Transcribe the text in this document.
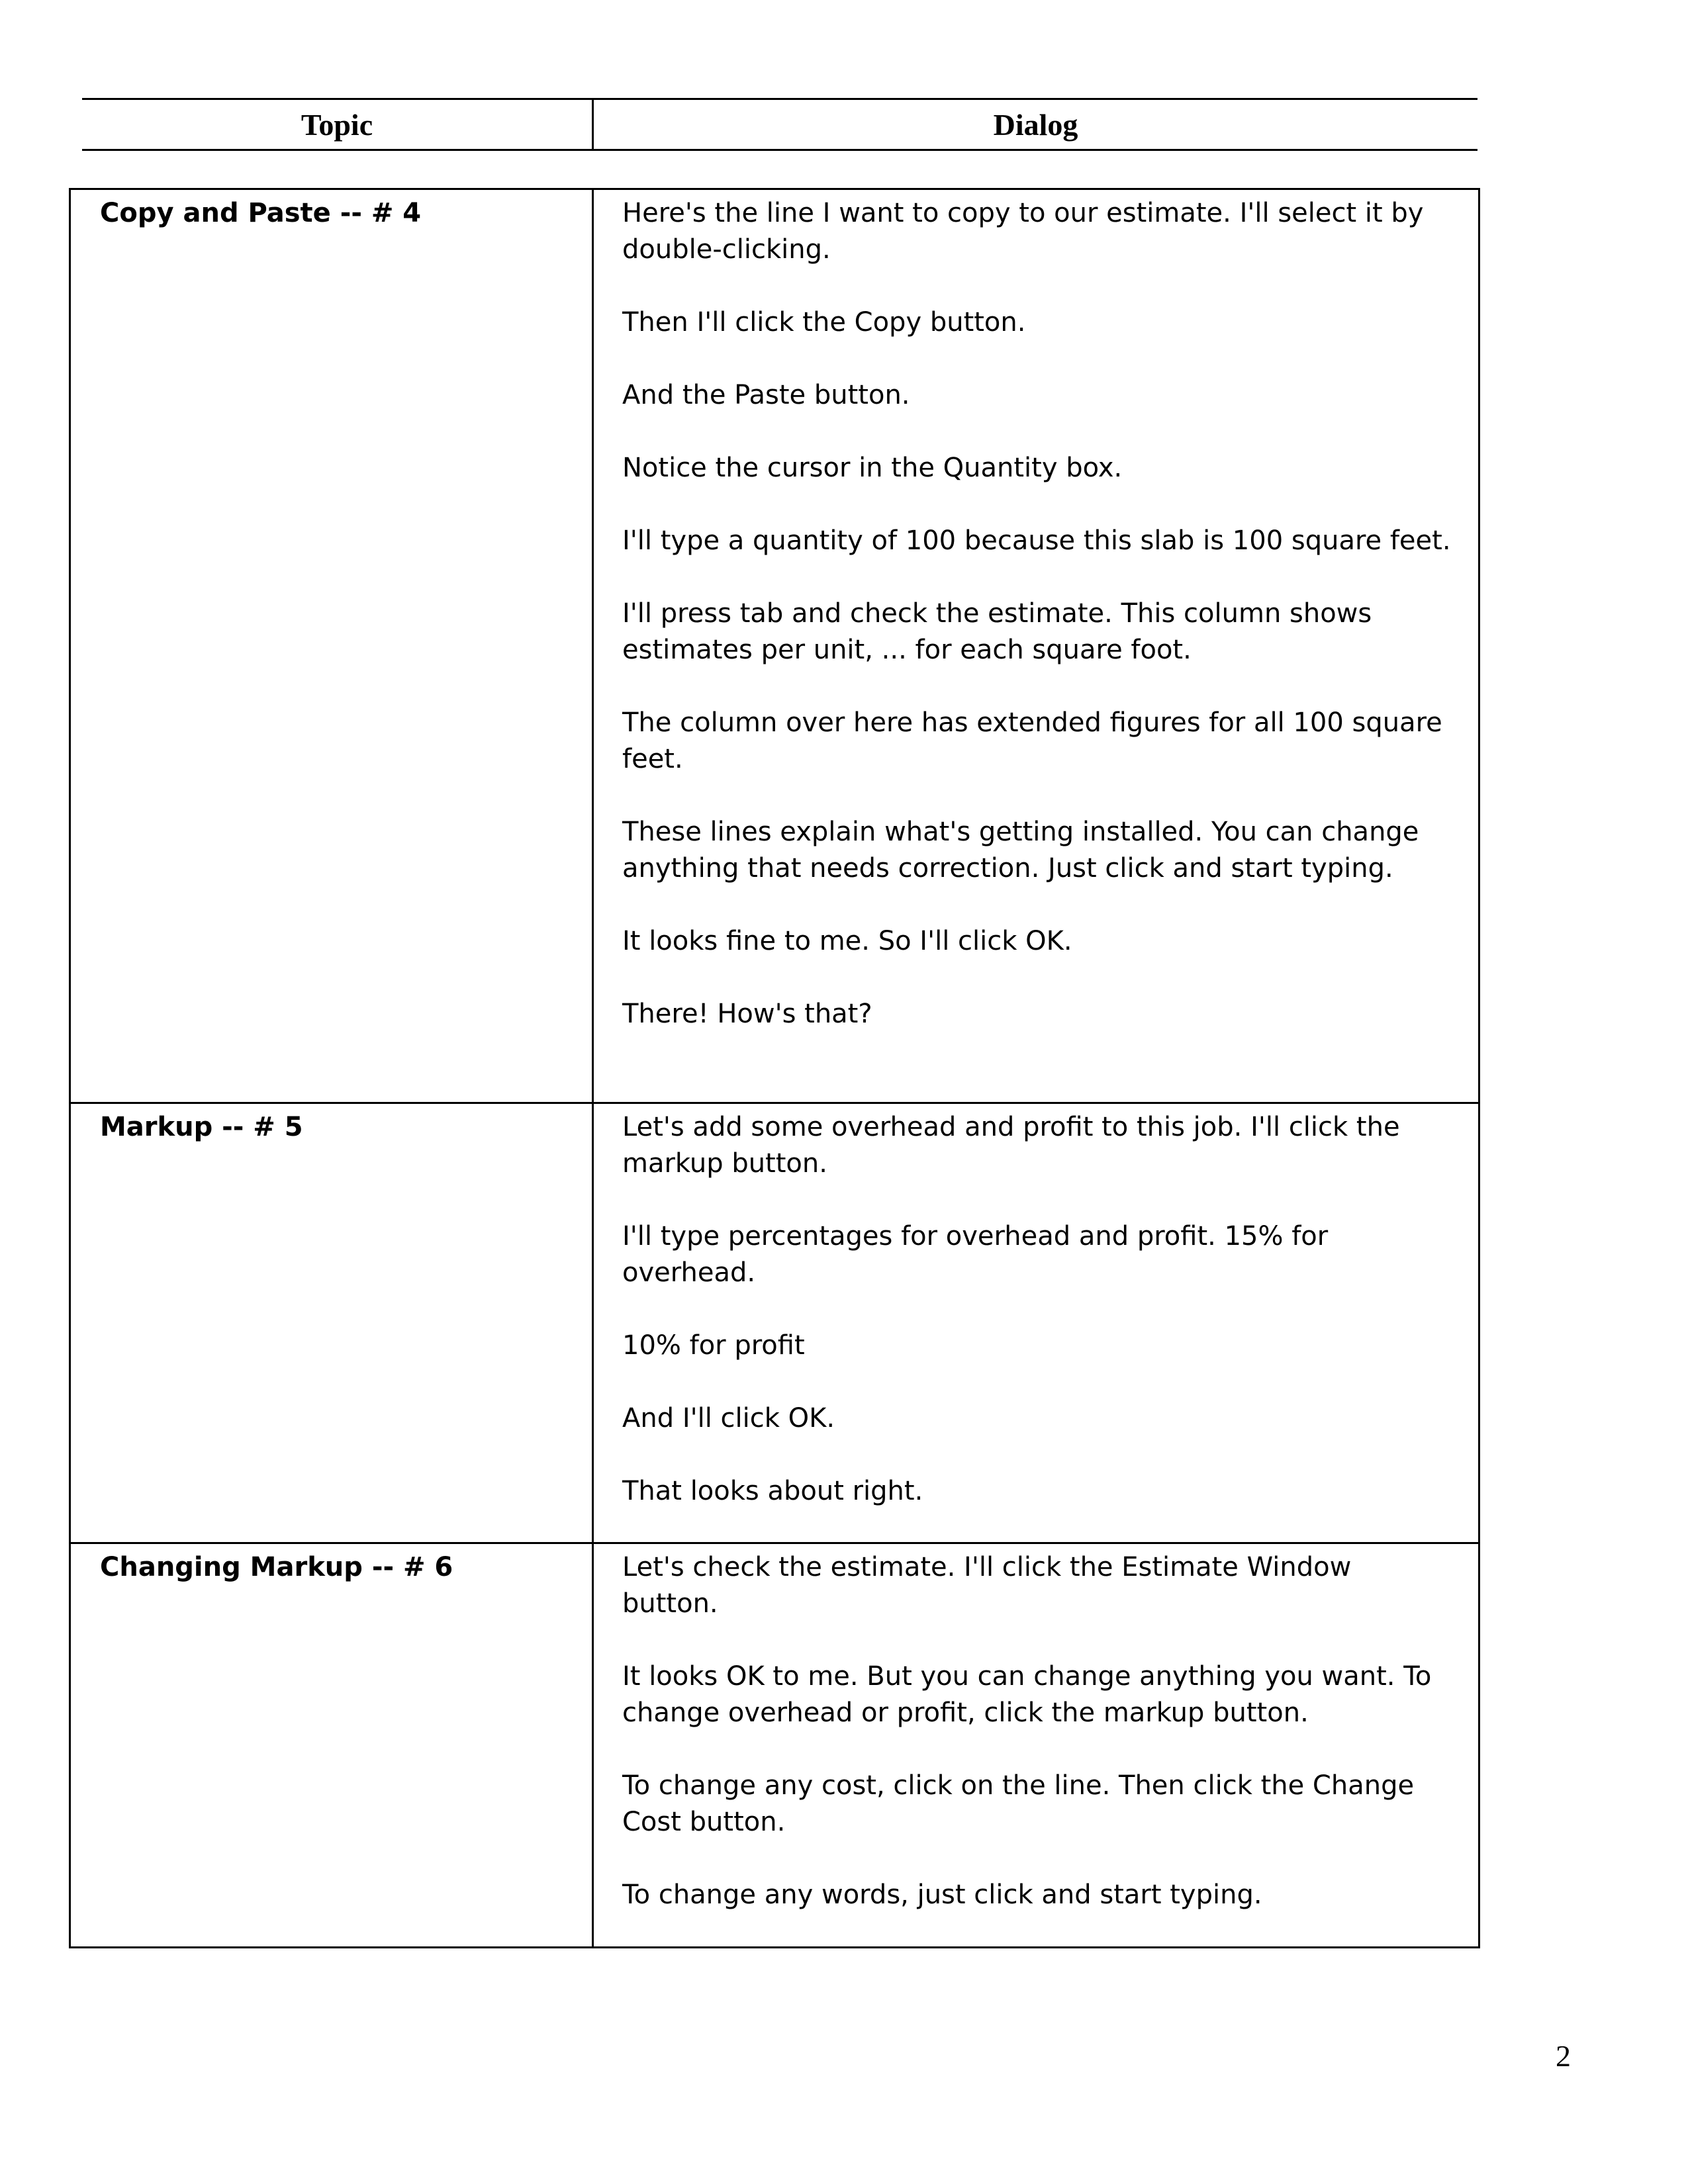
Topic	Dialog
Copy and Paste -- # 4	Here's the line I want to copy to our estimate. I'll select it by double-clicking.

Then I'll click the Copy button.

And the Paste button.

Notice the cursor in the Quantity box.

I'll type a quantity of 100 because this slab is 100 square feet.

I'll press tab and check the estimate. This column shows estimates per unit, ... for each square foot.

The column over here has extended figures for all 100 square feet.

These lines explain what's getting installed. You can change anything that needs correction. Just click and start typing.

It looks fine to me. So I'll click OK.

There! How's that?

Markup -- # 5	Let's add some overhead and profit to this job. I'll click the markup button.

I'll type percentages for overhead and profit. 15% for overhead.

10% for profit

And I'll click OK.

That looks about right.

Changing Markup -- # 6	Let's check the estimate. I'll click the Estimate Window button.

It looks OK to me. But you can change anything you want. To change overhead or profit, click the markup button.

To change any cost, click on the line. Then click the Change Cost button.

To change any words, just click and start typing.

2
